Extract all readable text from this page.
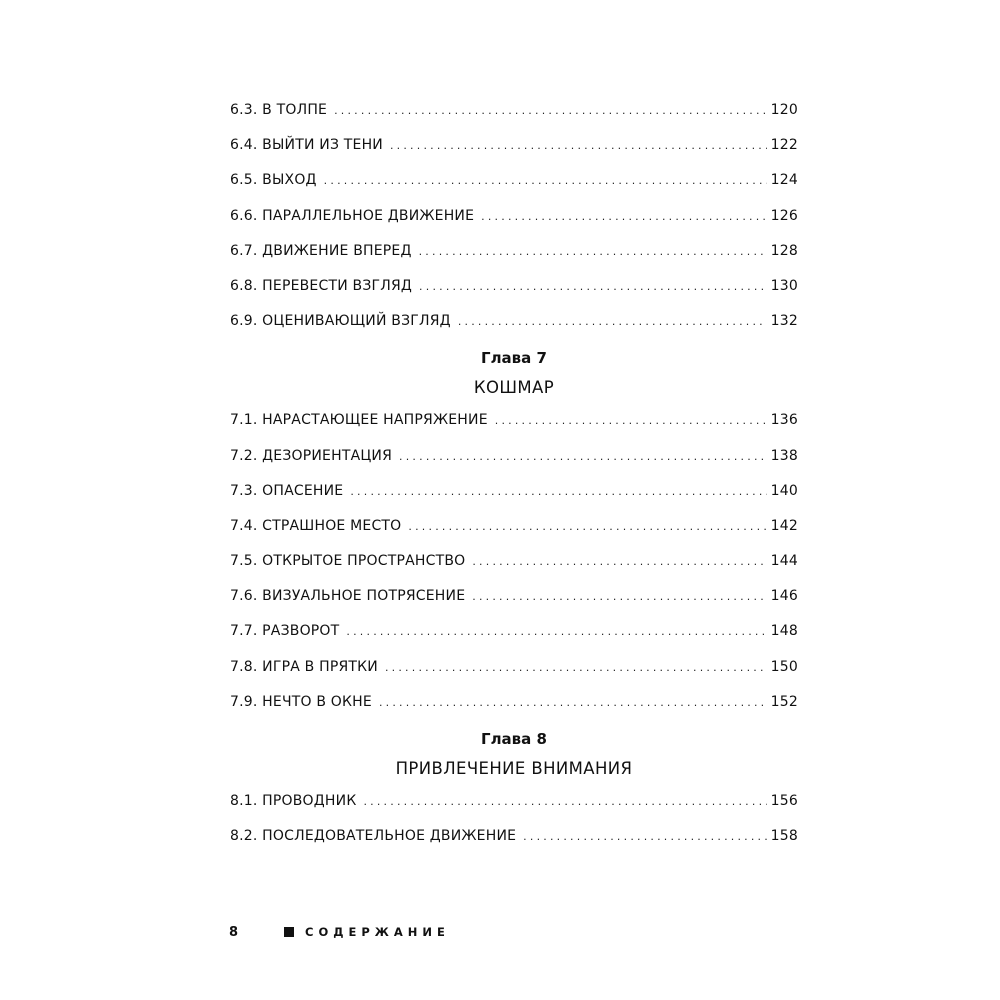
6.3. В ТОЛПЕ .....	120
6.4. ВЫЙТИ ИЗ ТЕНИ .....	122
6.5. ВЫХОД .....	124
6.6. ПАРАЛЛЕЛЬНОЕ ДВИЖЕНИЕ .....	126
6.7. ДВИЖЕНИЕ ВПЕРЕД .....	128
6.8. ПЕРЕВЕСТИ ВЗГЛЯД .....	130
6.9. ОЦЕНИВАЮЩИЙ ВЗГЛЯД .....	132
Глава 7
КОШМАР
7.1. НАРАСТАЮЩЕЕ НАПРЯЖЕНИЕ .....	136
7.2. ДЕЗОРИЕНТАЦИЯ .....	138
7.3. ОПАСЕНИЕ .....	140
7.4. СТРАШНОЕ МЕСТО .....	142
7.5. ОТКРЫТОЕ ПРОСТРАНСТВО .....	144
7.6. ВИЗУАЛЬНОЕ ПОТРЯСЕНИЕ .....	146
7.7. РАЗВОРОТ .....	148
7.8. ИГРА В ПРЯТКИ .....	150
7.9. НЕЧТО В ОКНЕ .....	152
Глава 8
ПРИВЛЕЧЕНИЕ ВНИМАНИЯ
8.1. ПРОВОДНИК .....	156
8.2. ПОСЛЕДОВАТЕЛЬНОЕ ДВИЖЕНИЕ .....	158
8	СОДЕРЖАНИЕ
